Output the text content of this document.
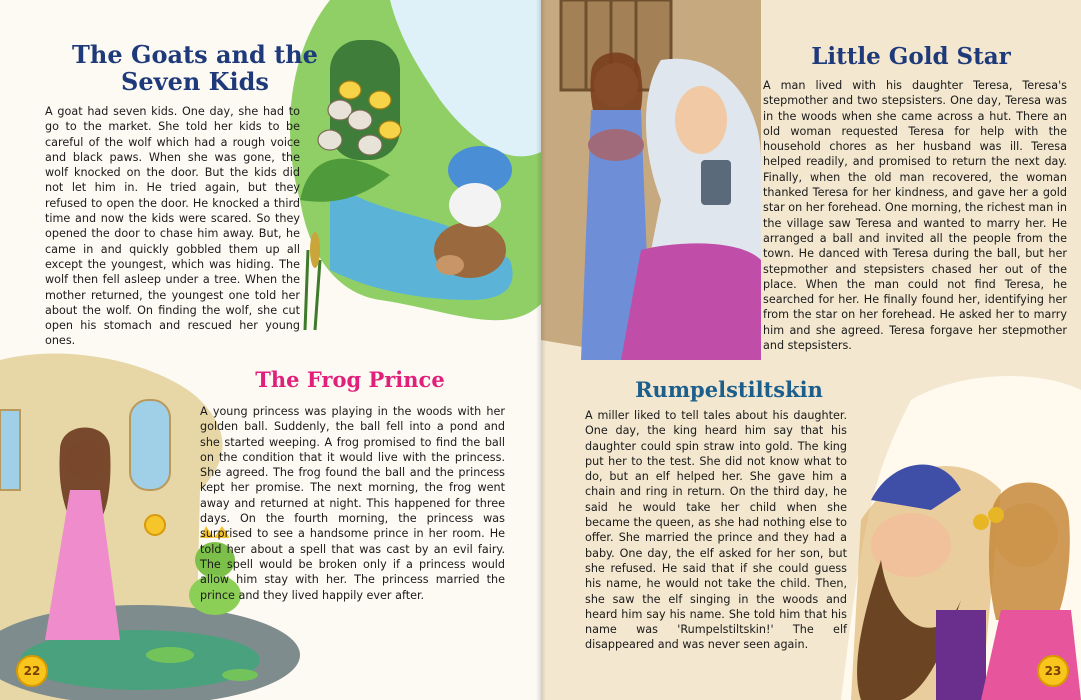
The Goats and the
Seven Kids

A goat had seven kids. One day, she had to go to the market. She told her kids to be careful of the wolf which had a rough voice and black paws. When she was gone, the wolf knocked on the door. But the kids did not let him in. He tried again, but they refused to open the door. He knocked a third time and now the kids were scared. So they opened the door to chase him away. But, he came in and quickly gobbled them up all except the youngest, which was hiding. The wolf then fell asleep under a tree. When the mother returned, the youngest one told her about the wolf. On finding the wolf, she cut open his stomach and rescued her young ones.

The Frog Prince

A young princess was playing in the woods with her golden ball. Suddenly, the ball fell into a pond and she started weeping. A frog promised to find the ball on the condition that it would live with the princess. She agreed. The frog found the ball and the princess kept her promise. The next morning, the frog went away and returned at night. This happened for three days. On the fourth morning, the princess was surprised to see a handsome prince in her room. He told her about a spell that was cast by an evil fairy. The spell would be broken only if a princess would allow him stay with her. The princess married the prince and they lived happily ever after.

22
Little Gold Star

A man lived with his daughter Teresa, Teresa's stepmother and two stepsisters. One day, Teresa was in the woods when she came across a hut. There an old woman requested Teresa for help with the household chores as her husband was ill. Teresa helped readily, and promised to return the next day. Finally, when the old man recovered, the woman thanked Teresa for her kindness, and gave her a gold star on her forehead. One morning, the richest man in the village saw Teresa and wanted to marry her. He arranged a ball and invited all the people from the town. He danced with Teresa during the ball, but her stepmother and stepsisters chased her out of the place. When the man could not find Teresa, he searched for her. He finally found her, identifying her from the star on her forehead. He asked her to marry him and she agreed. Teresa forgave her stepmother and stepsisters.

Rumpelstiltskin

A miller liked to tell tales about his daughter. One day, the king heard him say that his daughter could spin straw into gold. The king put her to the test. She did not know what to do, but an elf helped her. She gave him a chain and ring in return. On the third day, he said he would take her child when she became the queen, as she had nothing else to offer. She married the prince and they had a baby. One day, the elf asked for her son, but she refused. He said that if she could guess his name, he would not take the child. Then, she saw the elf singing in the woods and heard him say his name. She told him that his name was 'Rumpelstiltskin!' The elf disappeared and was never seen again.

23
